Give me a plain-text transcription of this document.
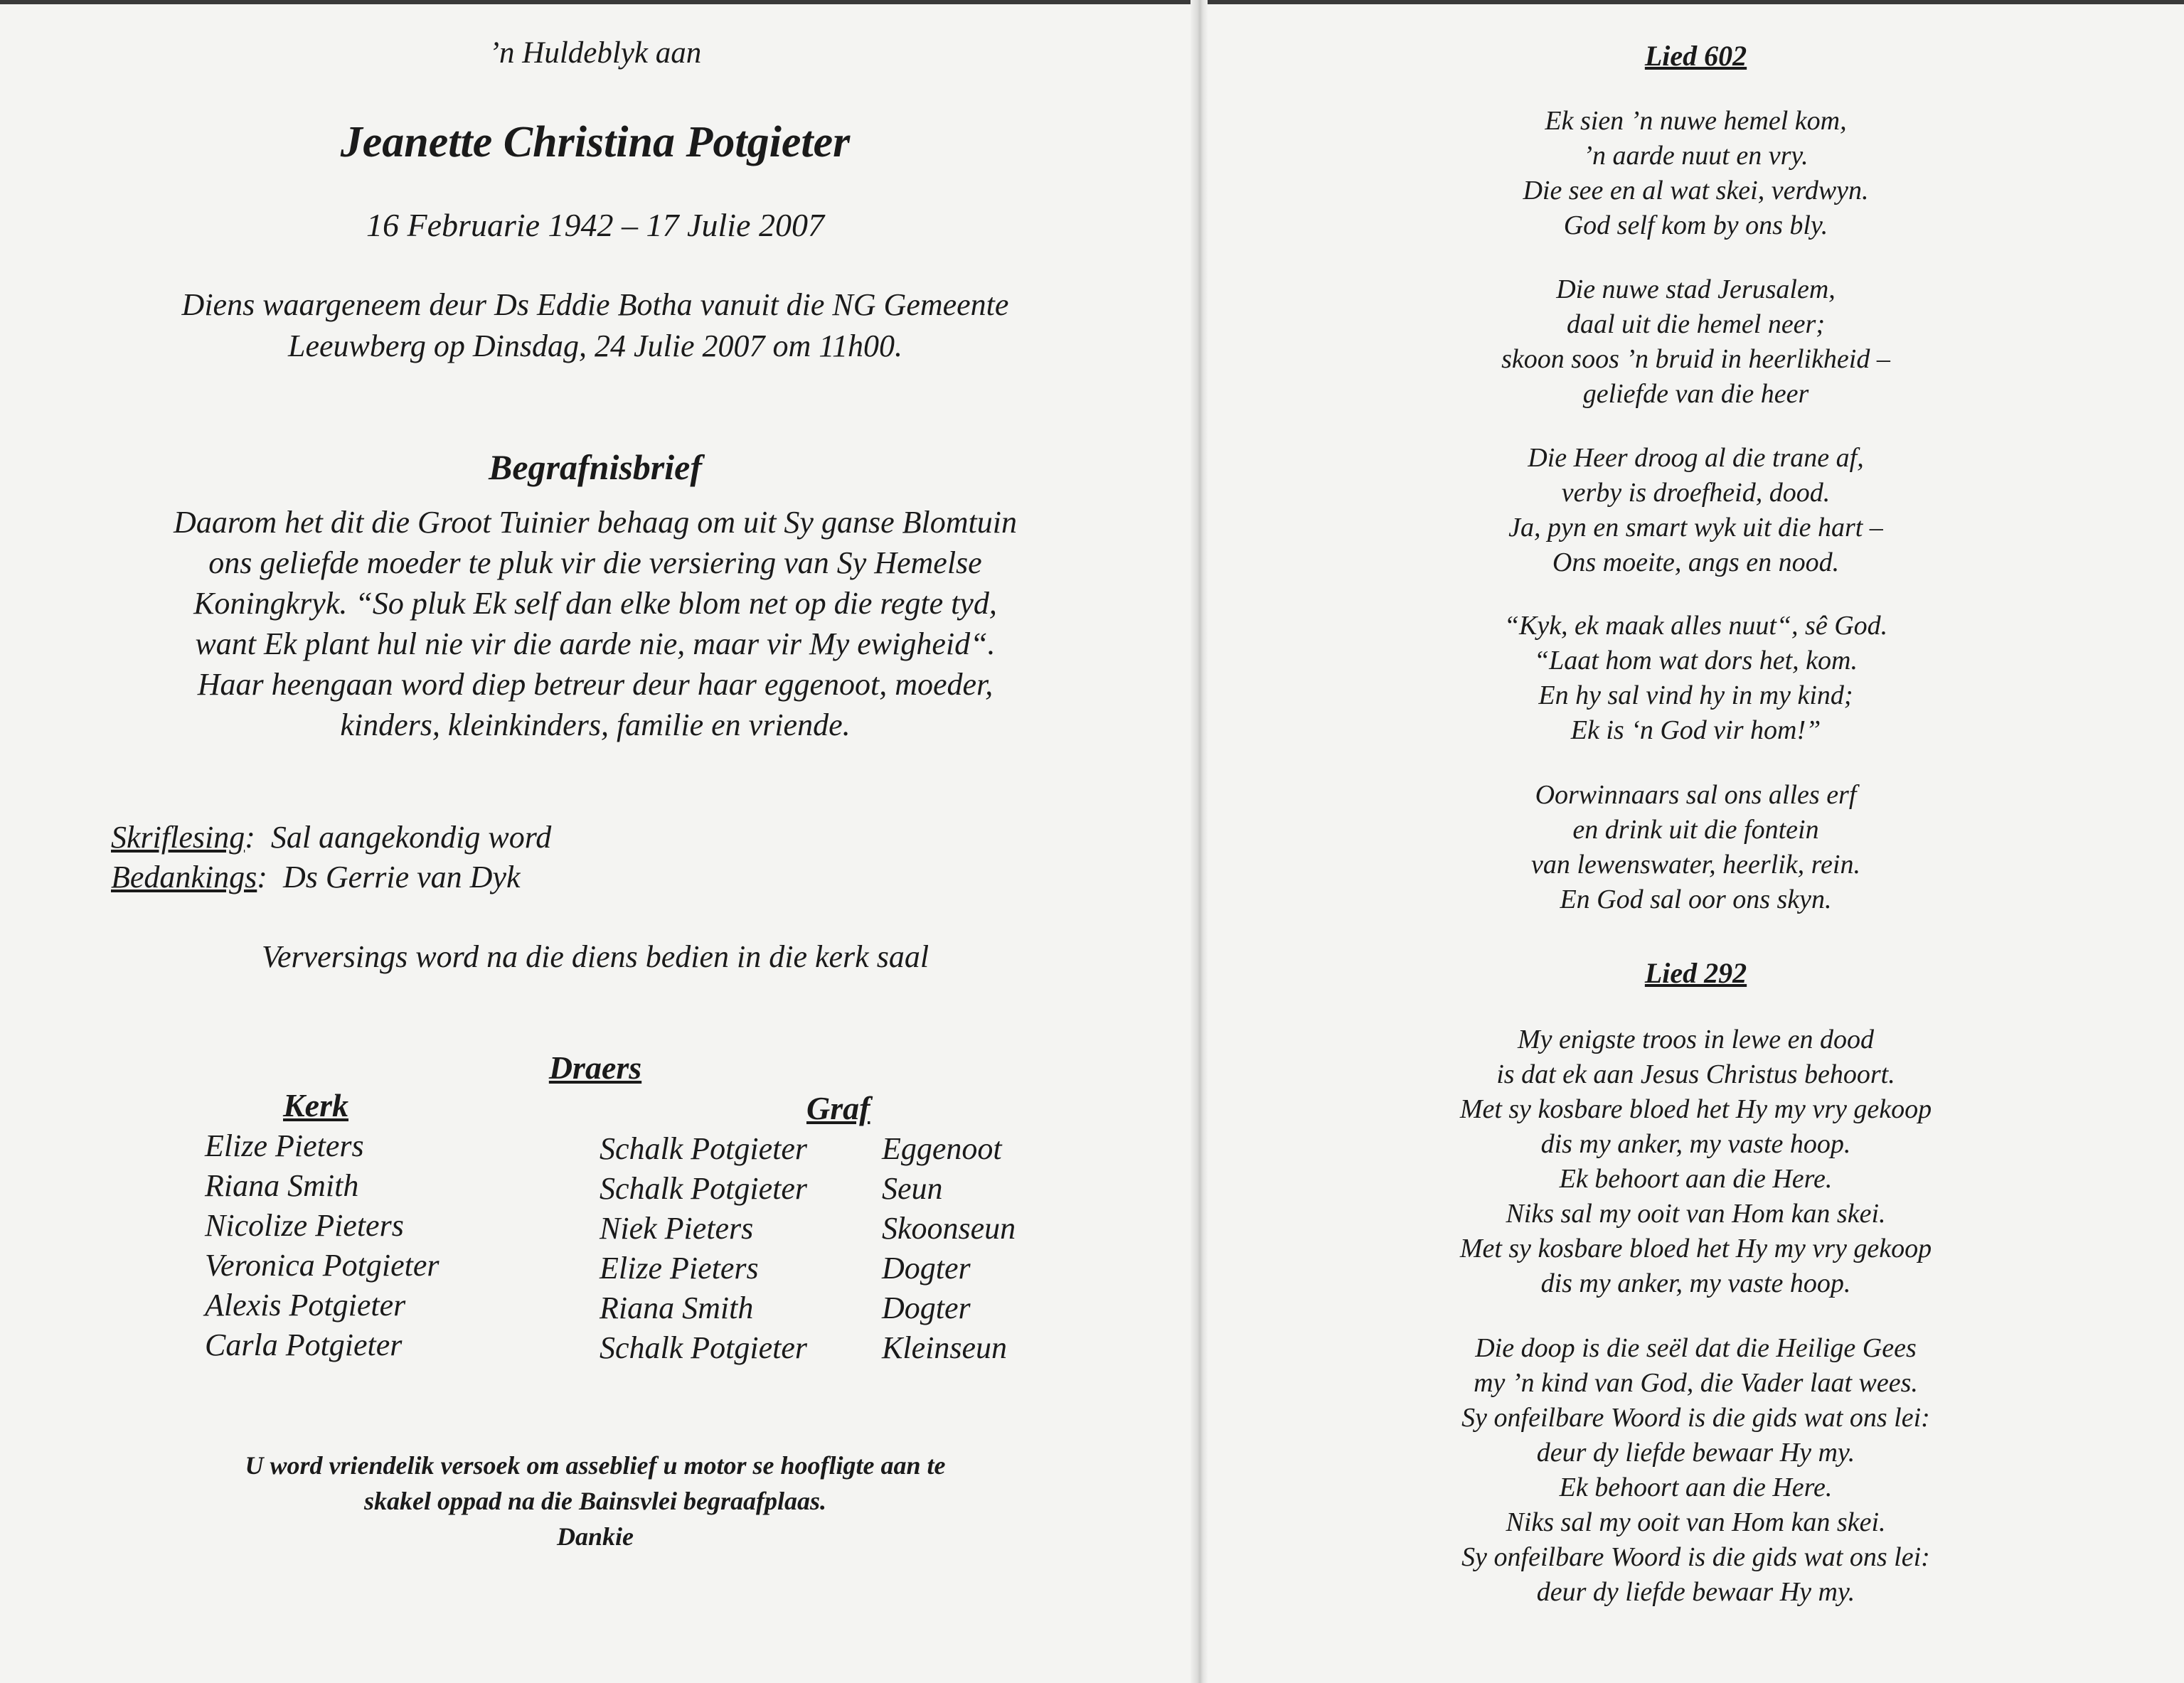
’n Huldeblyk aan
Jeanette Christina Potgieter
16 Februarie 1942 – 17 Julie 2007
Diens waargeneem deur Ds Eddie Botha vanuit die NG Gemeente
Leeuwberg op Dinsdag, 24 Julie 2007 om 11h00.
Begrafnisbrief
Daarom het dit die Groot Tuinier behaag om uit Sy ganse Blomtuin
ons geliefde moeder te pluk vir die versiering van Sy Hemelse
Koningkryk. “So pluk Ek self dan elke blom net op die regte tyd,
want Ek plant hul nie vir die aarde nie, maar vir My ewigheid“.
Haar heengaan word diep betreur deur haar eggenoot, moeder,
kinders, kleinkinders, familie en vriende.
Skriflesing:  Sal aangekondig word
Bedankings:  Ds Gerrie van Dyk
Verversings word na die diens bedien in die kerk saal
Draers
Kerk	Graf
Elize Pieters
Riana Smith
Nicolize Pieters
Veronica Potgieter
Alexis Potgieter
Carla Potgieter
Schalk Potgieter
Schalk Potgieter
Niek Pieters
Elize Pieters
Riana Smith
Schalk Potgieter
Eggenoot
Seun
Skoonseun
Dogter
Dogter
Kleinseun
U word vriendelik versoek om asseblief u motor se hoofligte aan te
skakel oppad na die Bainsvlei begraafplaas.
Dankie
Lied 602
Ek sien ’n nuwe hemel kom,
’n aarde nuut en vry.
Die see en al wat skei, verdwyn.
God self kom by ons bly.
Die nuwe stad Jerusalem,
daal uit die hemel neer;
skoon soos ’n bruid in heerlikheid –
geliefde van die heer
Die Heer droog al die trane af,
verby is droefheid, dood.
Ja, pyn en smart wyk uit die hart –
Ons moeite, angs en nood.
“Kyk, ek maak alles nuut“, sê God.
“Laat hom wat dors het, kom.
En hy sal vind hy in my kind;
Ek is ‘n God vir hom!”
Oorwinnaars sal ons alles erf
en drink uit die fontein
van lewenswater, heerlik, rein.
En God sal oor ons skyn.
Lied 292
My enigste troos in lewe en dood
is dat ek aan Jesus Christus behoort.
Met sy kosbare bloed het Hy my vry gekoop
dis my anker, my vaste hoop.
Ek behoort aan die Here.
Niks sal my ooit van Hom kan skei.
Met sy kosbare bloed het Hy my vry gekoop
dis my anker, my vaste hoop.
Die doop is die seël dat die Heilige Gees
my ’n kind van God, die Vader laat wees.
Sy onfeilbare Woord is die gids wat ons lei:
deur dy liefde bewaar Hy my.
Ek behoort aan die Here.
Niks sal my ooit van Hom kan skei.
Sy onfeilbare Woord is die gids wat ons lei:
deur dy liefde bewaar Hy my.
